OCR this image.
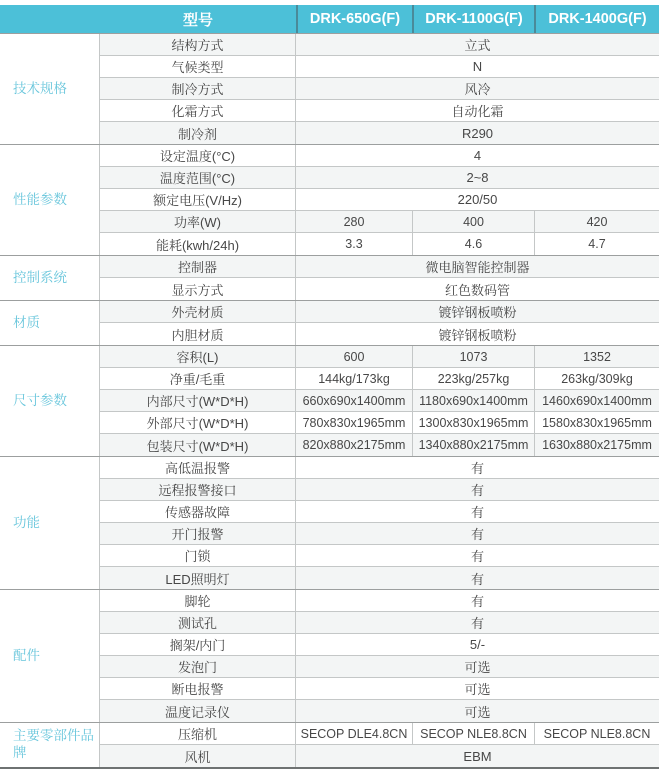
型号	DRK-650G(F)	DRK-1100G(F)	DRK-1400G(F)
技术规格
结构方式	立式
气候类型	N
制冷方式	风冷
化霜方式	自动化霜
制冷剂	R290
性能参数
设定温度(°C)	4
温度范围(°C)	2~8
额定电压(V/Hz)	220/50
功率(W)	280	400	420
能耗(kwh/24h)	3.3	4.6	4.7
控制系统
控制器	微电脑智能控制器
显示方式	红色数码管
材质
外壳材质	镀锌钢板喷粉
内胆材质	镀锌钢板喷粉
尺寸参数
容积(L)	600	1073	1352
净重/毛重	144kg/173kg	223kg/257kg	263kg/309kg
内部尺寸(W*D*H)	660x690x1400mm	1180x690x1400mm	1460x690x1400mm
外部尺寸(W*D*H)	780x830x1965mm	1300x830x1965mm	1580x830x1965mm
包装尺寸(W*D*H)	820x880x2175mm	1340x880x2175mm	1630x880x2175mm
功能
高低温报警	有
远程报警接口	有
传感器故障	有
开门报警	有
门锁	有
LED照明灯	有
配件
脚轮	有
测试孔	有
搁架/内门	5/-
发泡门	可选
断电报警	可选
温度记录仪	可选
主要零部件品牌
压缩机	SECOP DLE4.8CN	SECOP NLE8.8CN	SECOP NLE8.8CN
风机	EBM
